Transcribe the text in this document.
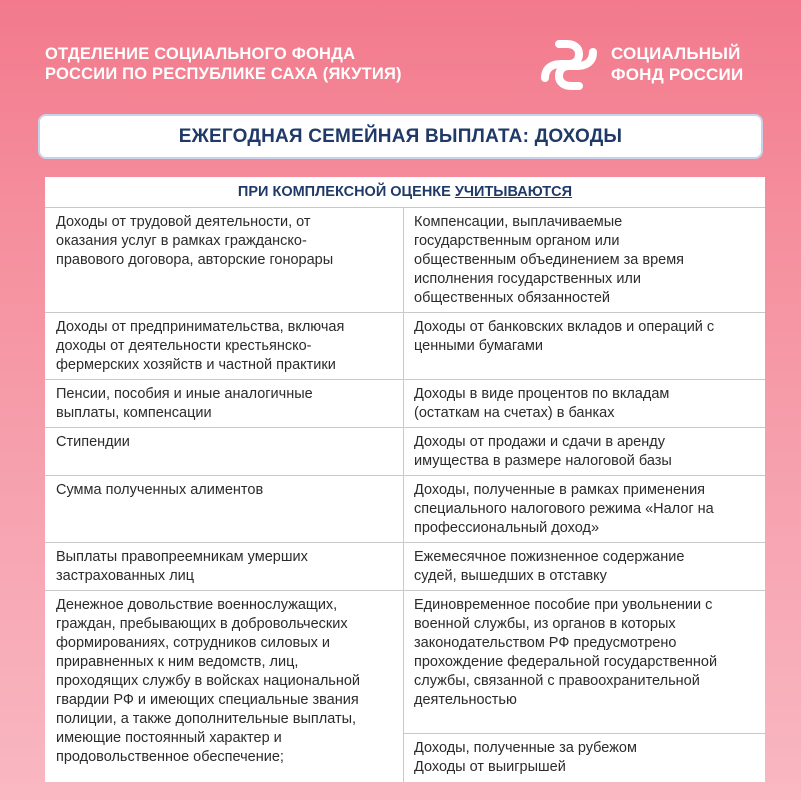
ОТДЕЛЕНИЕ СОЦИАЛЬНОГО ФОНДА
РОССИИ ПО РЕСПУБЛИКЕ САХА (ЯКУТИЯ)
СОЦИАЛЬНЫЙ
ФОНД РОССИИ
ЕЖЕГОДНАЯ СЕМЕЙНАЯ ВЫПЛАТА: ДОХОДЫ
ПРИ КОМПЛЕКСНОЙ ОЦЕНКЕ УЧИТЫВАЮТСЯ
Доходы от трудовой деятельности, от
оказания услуг в рамках гражданско-
правового договора, авторские гонорары
Компенсации, выплачиваемые
государственным органом или
общественным объединением за время
исполнения государственных или
общественных обязанностей
Доходы от предпринимательства, включая
доходы от деятельности крестьянско-
фермерских хозяйств и частной практики
Доходы от банковских вкладов и операций с
ценными бумагами
Пенсии, пособия и иные аналогичные
выплаты, компенсации
Доходы в виде процентов по вкладам
(остаткам на счетах) в банках
Стипендии	Доходы от продажи и сдачи в аренду
имущества в размере налоговой базы
Сумма полученных алиментов	Доходы, полученные в рамках применения
специального налогового режима «Налог на
профессиональный доход»
Выплаты правопреемникам умерших
застрахованных лиц
Ежемесячное пожизненное содержание
судей, вышедших в отставку
Денежное довольствие военнослужащих,
граждан, пребывающих в добровольческих
формированиях, сотрудников силовых и
приравненных к ним ведомств, лиц,
проходящих службу в войсках национальной
гвардии РФ и имеющих специальные звания
полиции, а также дополнительные выплаты,
имеющие постоянный характер и
продовольственное обеспечение;
Единовременное пособие при увольнении с
военной службы, из органов в которых
законодательством РФ предусмотрено
прохождение федеральной государственной
службы, связанной с правоохранительной
деятельностью
Доходы, полученные за рубежом
Доходы от выигрышей
